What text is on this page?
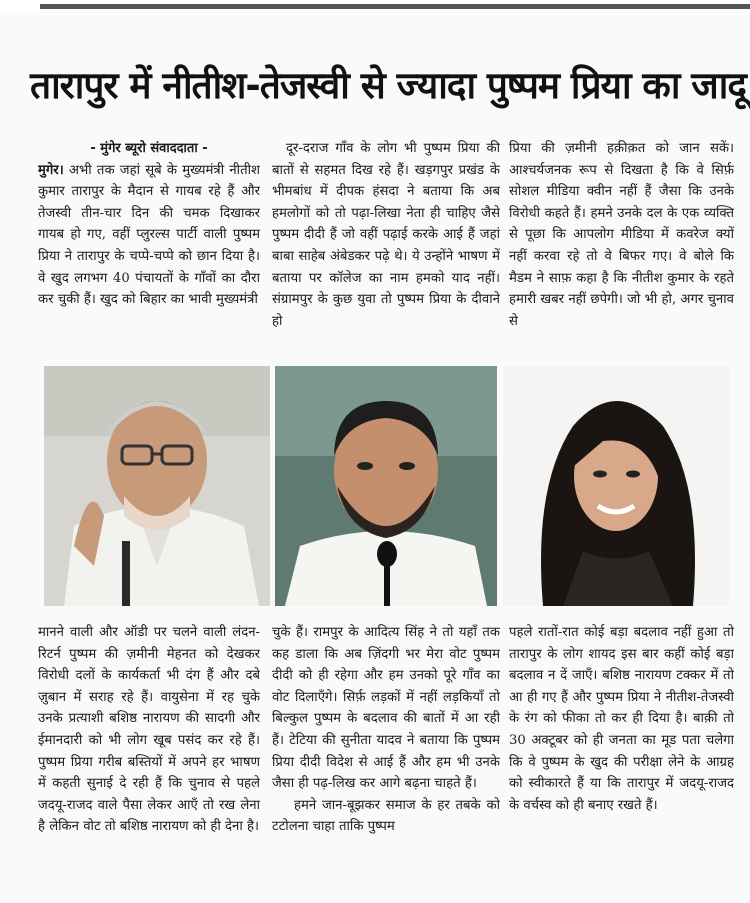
तारापुर में नीतीश-तेजस्वी से ज्यादा पुष्पम प्रिया का जादू

- मुंगेर ब्यूरो संवाददाता -

मुगेर। अभी तक जहां सूबे के मुख्यमंत्री नीतीश कुमार तारापुर के मैदान से गायब रहे हैं और तेजस्वी तीन-चार दिन की चमक दिखाकर गायब हो गए, वहीं प्लुरल्स पार्टी वाली पुष्पम प्रिया ने तारापुर के चप्पे-चप्पे को छान दिया है। वे खुद लगभग 40 पंचायतों के गाँवों का दौरा कर चुकी हैं। खुद को बिहार का भावी मुख्यमंत्री

दूर-दराज गाँव के लोग भी पुष्पम प्रिया की बातों से सहमत दिख रहे हैं। खड़गपुर प्रखंड के भीमबांध में दीपक हंसदा ने बताया कि अब हमलोगों को तो पढ़ा-लिखा नेता ही चाहिए जैसे पुष्पम दीदी हैं जो वहीं पढ़ाई करके आई हैं जहां बाबा साहेब अंबेडकर पढ़े थे। ये उन्होंने भाषण में बताया पर कॉलेज का नाम हमको याद नहीं। संग्रामपुर के कुछ युवा तो पुष्पम प्रिया के दीवाने हो

प्रिया की ज़मीनी हक़ीक़त को जान सकें। आश्चर्यजनक रूप से दिखता है कि वे सिर्फ़ सोशल मीडिया क्वीन नहीं हैं जैसा कि उनके विरोधी कहते हैं। हमने उनके दल के एक व्यक्ति से पूछा कि आपलोग मीडिया में कवरेज क्यों नहीं करवा रहे तो वे बिफर गए। वे बोले कि मैडम ने साफ़ कहा है कि नीतीश कुमार के रहते हमारी खबर नहीं छपेगी। जो भी हो, अगर चुनाव से

मानने वाली और ऑडी पर चलने वाली लंदन-रिटर्न पुष्पम की ज़मीनी मेहनत को देखकर विरोधी दलों के कार्यकर्ता भी दंग हैं और दबे ज़ुबान में सराह रहे हैं। वायुसेना में रह चुके उनके प्रत्याशी बशिष्ठ नारायण की सादगी और ईमानदारी को भी लोग खूब पसंद कर रहे हैं। पुष्पम प्रिया गरीब बस्तियों में अपने हर भाषण में कहती सुनाई दे रही हैं कि चुनाव से पहले जदयू-राजद वाले पैसा लेकर आएँ तो रख लेना है लेकिन वोट तो बशिष्ठ नारायण को ही देना है।

चुके हैं। रामपुर के आदित्य सिंह ने तो यहाँ तक कह डाला कि अब ज़िंदगी भर मेरा वोट पुष्पम दीदी को ही रहेगा और हम उनको पूरे गाँव का वोट दिलाएँगे। सिर्फ़ लड़कों में नहीं लड़कियाँ तो बिल्कुल पुष्पम के बदलाव की बातों में आ रही हैं। टेटिया की सुनीता यादव ने बताया कि पुष्पम प्रिया दीदी विदेश से आई हैं और हम भी उनके जैसा ही पढ़-लिख कर आगे बढ़ना चाहते हैं।

हमने जान-बूझकर समाज के हर तबके को टटोलना चाहा ताकि पुष्पम

पहले रातों-रात कोई बड़ा बदलाव नहीं हुआ तो तारापुर के लोग शायद इस बार कहीं कोई बड़ा बदलाव न दें जाएँ। बशिष्ठ नारायण टक्कर में तो आ ही गए हैं और पुष्पम प्रिया ने नीतीश-तेजस्वी के रंग को फीका तो कर ही दिया है। बाक़ी तो 30 अक्टूबर को ही जनता का मूड पता चलेगा कि वे पुष्पम के खुद की परीक्षा लेने के आग्रह को स्वीकारते हैं या कि तारापुर में जदयू-राजद के वर्चस्व को ही बनाए रखते हैं।
